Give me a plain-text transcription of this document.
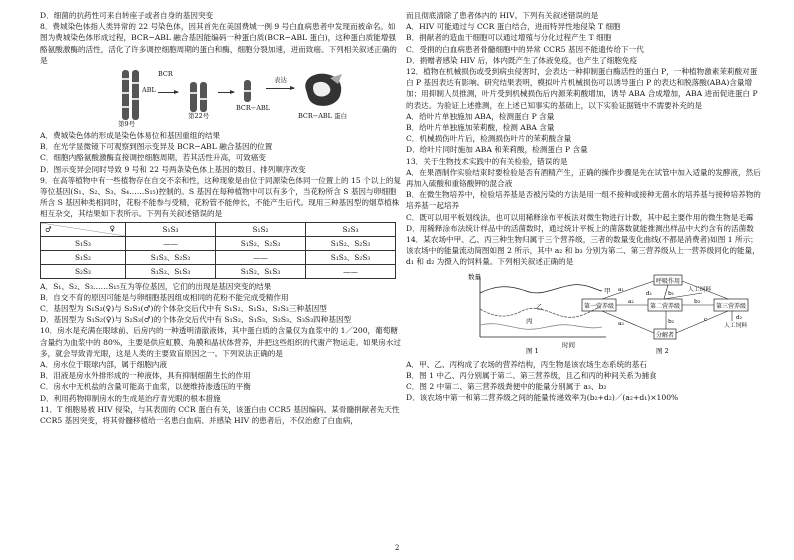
D．细菌的抗药性可来自转座子或者自身的基因突变

8．费城染色体指人类异常的 22 号染色体，因其首先在美国费城一例 9 号白血病患者中发现而被命名。如图为费城染色体形成过程，BCR−ABL 融合基因能编码一种蛋白质(BCR−ABL 蛋白)，这种蛋白质能增强酪氨酸激酶的活性，活化了许多调控细胞周期的蛋白和酶，细胞分裂加速，进而致癌。下列相关叙述正确的是

第9号
ABL
BCR
第22号
BCR−ABL
表达
BCR−ABL 蛋白

A．费城染色体的形成是染色体易位和基因重组的结果

B．在光学显微镜下可观察到图示变异及 BCR−ABL 融合基因的位置

C．细胞内酪氨酸激酶直接调控细胞周期，若其活性升高，可致癌变

D．图示变异会同时导致 9 号和 22 号两条染色体上基因的数目、排列顺序改变

9．在高等植物中有一些植物存在自交不亲和性，这种现象是由位于同源染色体同一位置上的 15 个以上的复等位基因(S₁、S₂、S₃、S₄……S₁₅)控制的。S 基因在每种植物中可以有多个，当花粉所含 S 基因与卵细胞所含 S 基因种类相同时，花粉不能参与受精，花粉管不能伸长，不能产生后代。现用三种基因型的烟草植株相互杂交，其结果如下表所示。下列有关叙述错误的是

♀
♂	S₁S₃	S₁S₂	S₂S₃
S₁S₃	——	S₁S₂、S₂S₃	S₁S₂、S₂S₃
S₁S₂	S₁S₃、S₂S₃	——	S₁S₃、S₂S₃
S₂S₃	S₁S₂、S₁S₃	S₁S₂、S₁S₃	——

A．S₁、S₂、S₃……S₁₅互为等位基因，它们的出现是基因突变的结果

B．自交不育的原因可能是与卵细胞基因组成相同的花粉不能完成受精作用

C．基因型为 S₁S₂(♀)与 S₂S₃(♂)的个体杂交后代中有 S₁S₂、S₁S₃、S₂S₃三种基因型

D．基因型为 S₁S₂(♀)与 S₂S₃(♂)的个体杂交后代中有 S₁S₂、S₁S₃、S₂S₃、S₃S₃四种基因型

10．房水是充满在眼球前、后房内的一种透明清澈液体，其中蛋白质的含量仅为血浆中的 1／200，葡萄糖含量约为血浆中的 80%，主要是供应虹膜、角膜和晶状体营养，并把这些组织的代谢产物运走。如果房水过多，就会导致青光眼，这是人类的主要致盲原因之一。下列说法正确的是

A．房水位于眼球内部，属于细胞内液

B．泪液是房水外排形成的一种液体，具有抑制细菌生长的作用

C．房水中无机盐的含量可能高于血浆，以便维持渗透压的平衡

D．利用药物抑制房水的生成是治疗青光眼的根本措施

11．T 细胞易被 HIV 侵染，与其表面的 CCR 蛋白有关，该蛋白由 CCR5 基因编码。某骨髓捐献者先天性 CCR5 基因突变，将其骨髓移植给一名患白血病、并感染 HIV 的患者后，不仅治愈了白血病，

而且彻底清除了患者体内的 HIV。下列有关叙述错误的是

A．HIV 可能通过与 CCR 蛋白结合，进而特异性地侵染 T 细胞

B．捐献者的造血干细胞可以通过增殖与分化过程产生 T 细胞

C．受捐的白血病患者骨髓细胞中的异常 CCR5 基因不能遗传给下一代

D．捐赠者感染 HIV 后，体内既产生了体液免疫，也产生了细胞免疫

12．植物在机械损伤或受到病虫侵害时，会表达一种抑制蛋白酶活性的蛋白 P，一种植物激素茉莉酸对蛋白 P 基因表达有影响。研究结果表明，模拟叶片机械损伤可以诱导蛋白 P 的表达和脱落酸(ABA)含量增加；用抑制人员推测，叶片受到机械损伤后内源茉莉酸增加，诱导 ABA 合成增加，ABA 进而促进蛋白 P 的表达。为验证上述推测，在上述已知事实的基础上，以下实验证据链中不需要补充的是

A．给叶片单独施加 ABA，检测蛋白 P 含量

B．给叶片单独施加茉莉酸，检测 ABA 含量

C．机械损伤叶片后，检测损伤叶片的茉莉酸含量

D．给叶片同时施加 ABA 和茉莉酸，检测蛋白 P 含量

13．关于生物技术实践中的有关检验，错误的是

A．在果酒制作实验结束时要检验是否有酒精产生，正确的操作步骤是先在试管中加入适量的发酵液，然后再加入硫酸和重铬酸钾的混合液

B．在微生物培养中，检验培养基是否被污染的方法是用一组不接种或接种无菌水的培养基与接种培养物的培养基一起培养

C．既可以用平板划线法，也可以用稀释涂布平板法对微生物进行计数，其中起主要作用的微生物是毛霉

D．用稀释涂布法统计样品中的活菌数时，通过统计平板上的菌落数就能推测出样品中大约含有的活菌数

14．某农场中甲、乙、丙三种生物归属于三个营养级，三者的数量变化曲线(不都是消费者)如图 1 所示；该农场中的能量流动简图如图 2 所示，其中 a₂ 和 b₃ 分别为第二、第三营养级从上一营养级同化的能量，d₁ 和 d₂ 为摄入的饲料量。下列相关叙述正确的是

数量
时间
甲
乙
丙
图 1
第一营养级	第二营养级	第三营养级
呼吸作用
分解者
人工饲料
人工饲料
a₁
a₂
a₃
b₁
b₂
b₃
c
d₁
d₂
图 2

A．甲、乙、丙构成了农场的营养结构，丙生物是该农场生态系统的基石

B．图 1 中乙、丙分别属于第二、第三营养级，且乙和丙的种间关系为捕食

C．图 2 中第二、第三营养级粪便中的能量分别属于 a₃、b₂

D．该农场中第一和第二营养级之间的能量传递效率为(b₂+d₂)／(a₂+d₁)×100%

2
